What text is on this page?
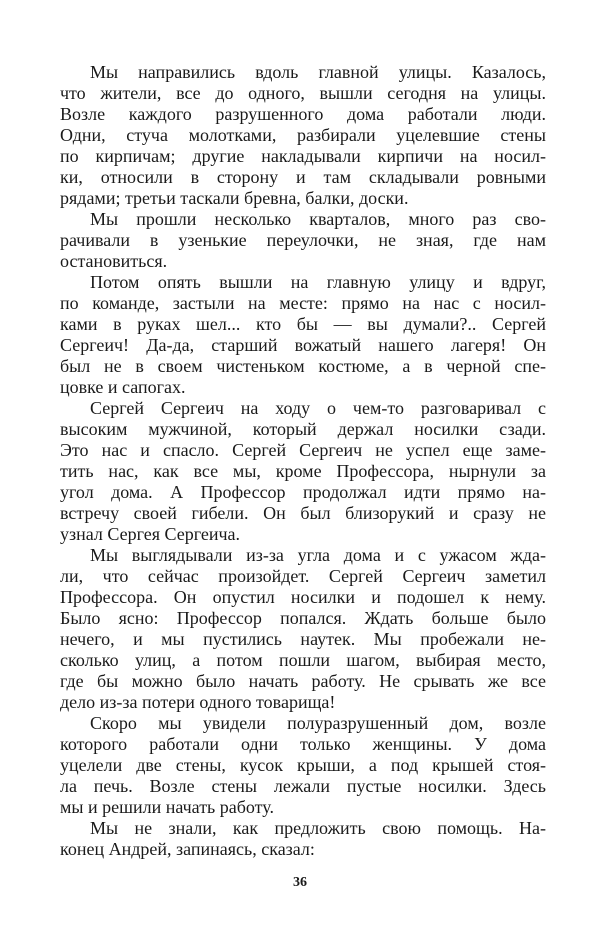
Мы направились вдоль главной улицы. Казалось,
что жители, все до одного, вышли сегодня на улицы.
Возле каждого разрушенного дома работали люди.
Одни, стуча молотками, разбирали уцелевшие стены
по кирпичам; другие накладывали кирпичи на носил-
ки, относили в сторону и там складывали ровными
рядами; третьи таскали бревна, балки, доски.
Мы прошли несколько кварталов, много раз сво-
рачивали в узенькие переулочки, не зная, где нам
остановиться.
Потом опять вышли на главную улицу и вдруг,
по команде, застыли на месте: прямо на нас с носил-
ками в руках шел... кто бы — вы думали?.. Сергей
Сергеич! Да-да, старший вожатый нашего лагеря! Он
был не в своем чистеньком костюме, а в черной спе-
цовке и сапогах.
Сергей Сергеич на ходу о чем-то разговаривал с
высоким мужчиной, который держал носилки сзади.
Это нас и спасло. Сергей Сергеич не успел еще заме-
тить нас, как все мы, кроме Профессора, нырнули за
угол дома. А Профессор продолжал идти прямо на-
встречу своей гибели. Он был близорукий и сразу не
узнал Сергея Сергеича.
Мы выглядывали из-за угла дома и с ужасом жда-
ли, что сейчас произойдет. Сергей Сергеич заметил
Профессора. Он опустил носилки и подошел к нему.
Было ясно: Профессор попался. Ждать больше было
нечего, и мы пустились наутек. Мы пробежали не-
сколько улиц, а потом пошли шагом, выбирая место,
где бы можно было начать работу. Не срывать же все
дело из-за потери одного товарища!
Скоро мы увидели полуразрушенный дом, возле
которого работали одни только женщины. У дома
уцелели две стены, кусок крыши, а под крышей стоя-
ла печь. Возле стены лежали пустые носилки. Здесь
мы и решили начать работу.
Мы не знали, как предложить свою помощь. На-
конец Андрей, запинаясь, сказал:
36
